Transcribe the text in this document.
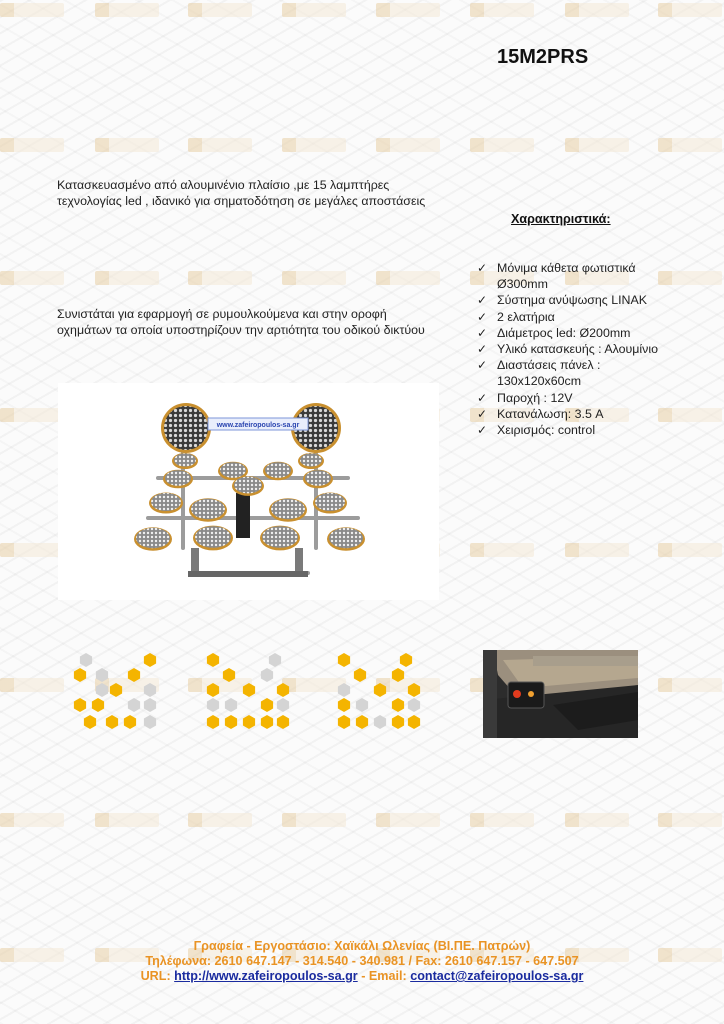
15M2PRS
Κατασκευασμένο από αλουμινένιο πλαίσιο ,με 15 λαμπτήρες
τεχνολογίας led , ιδανικό για σηματοδότηση σε μεγάλες αποστάσεις
Συνιστάται για εφαρμογή σε ρυμουλκούμενα και στην οροφή
οχημάτων τα οποία υποστηρίζουν την αρτιότητα του οδικού δικτύου
Χαρακτηριστικά:
✓ Μόνιμα κάθετα φωτιστικά
Ø300mm
✓ Σύστημα ανύψωσης LINAK
✓ 2 ελατήρια
✓ Διάμετρος led: Ø200mm
✓ Υλικό κατασκευής : Αλουμίνιο
✓ Διαστάσεις πάνελ :
130x120x60cm
✓ Παροχή : 12V
✓ Κατανάλωση: 3.5 A
✓ Χειρισμός: control
www.zafeiropoulos-sa.gr
Γραφεία - Εργοστάσιο: Χαϊκάλι Ωλενίας (ΒΙ.ΠΕ. Πατρών)
Τηλέφωνα: 2610 647.147 - 314.540 - 340.981 / Fax: 2610 647.157 - 647.507
URL: http://www.zafeiropoulos-sa.gr - Email: contact@zafeiropoulos-sa.gr
